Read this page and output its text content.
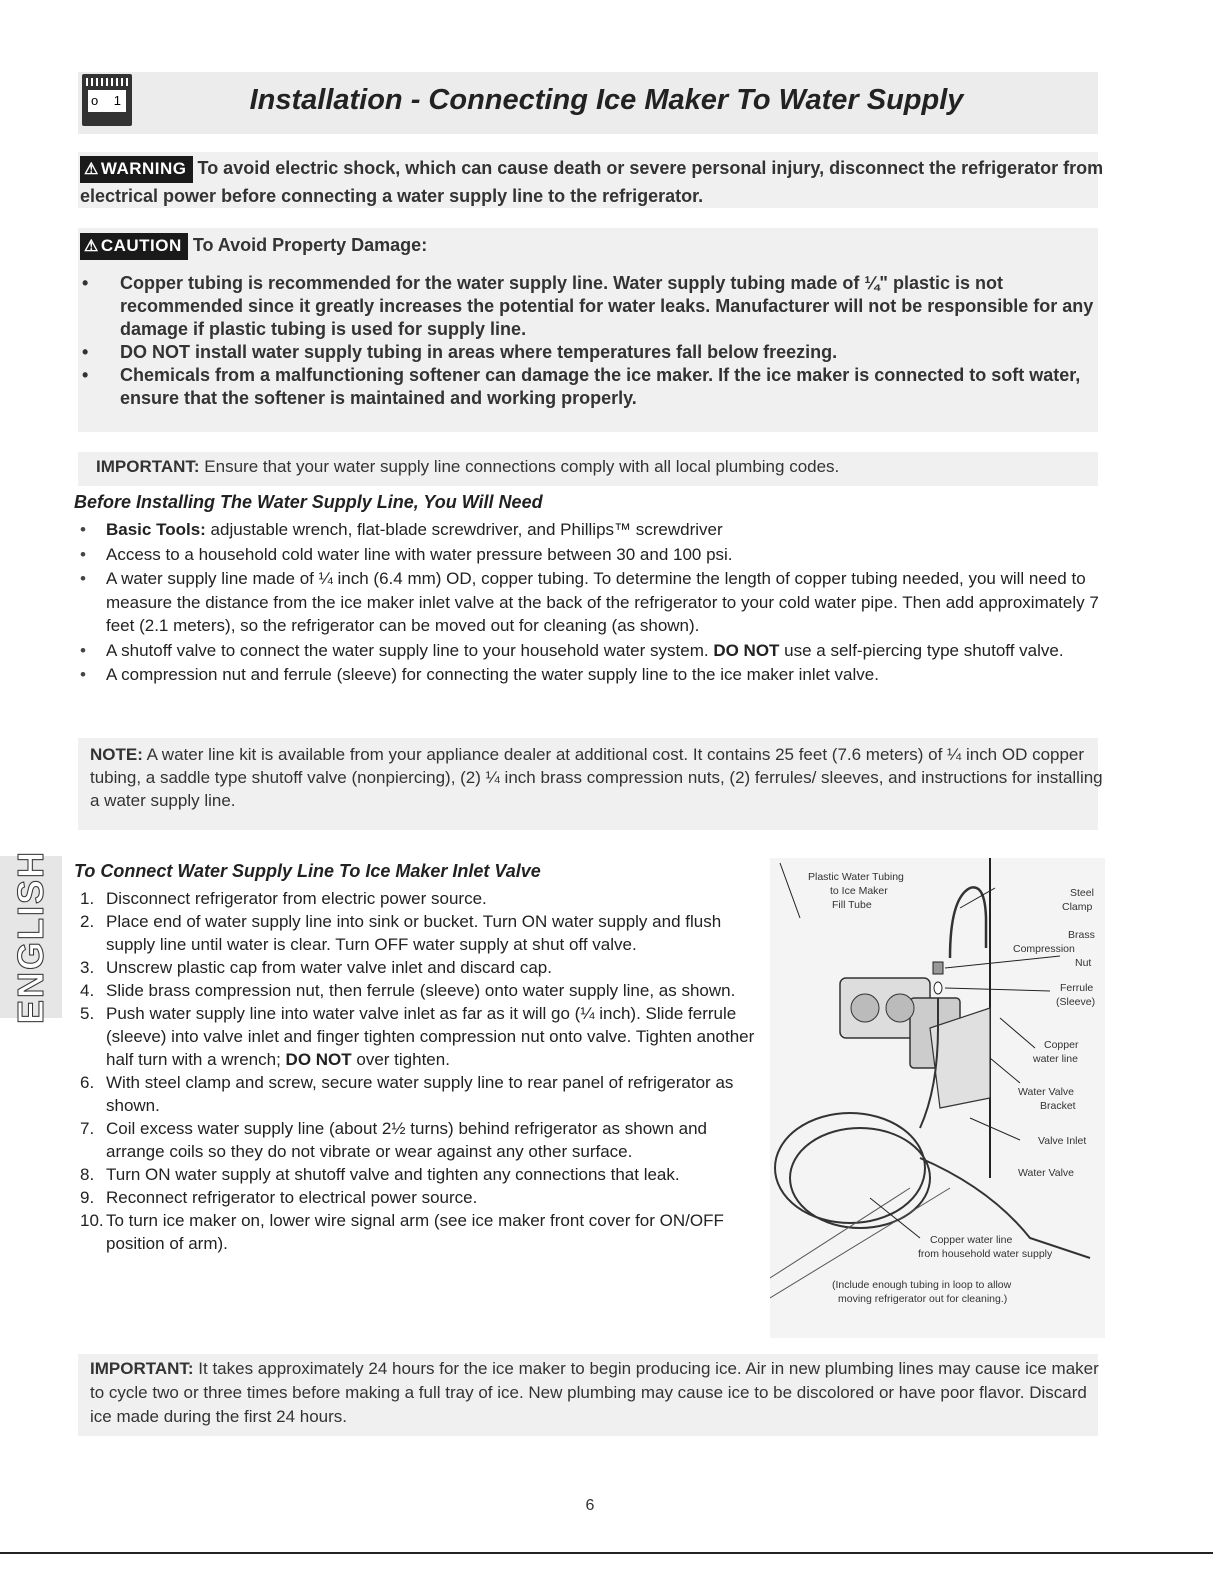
o 1	Installation - Connecting Ice Maker To Water Supply
⚠ WARNING To avoid electric shock, which can cause death or severe personal injury, disconnect the refrigerator from electrical power before connecting a water supply line to the refrigerator.
⚠ CAUTION To Avoid Property Damage:
• Copper tubing is recommended for the water supply line. Water supply tubing made of ¼" plastic is not recommended since it greatly increases the potential for water leaks. Manufacturer will not be responsible for any damage if plastic tubing is used for supply line.
• DO NOT install water supply tubing in areas where temperatures fall below freezing.
• Chemicals from a malfunctioning softener can damage the ice maker. If the ice maker is connected to soft water, ensure that the softener is maintained and working properly.
IMPORTANT: Ensure that your water supply line connections comply with all local plumbing codes.
Before Installing The Water Supply Line, You Will Need
• Basic Tools: adjustable wrench, flat-blade screwdriver, and Phillips™ screwdriver
• Access to a household cold water line with water pressure between 30 and 100 psi.
• A water supply line made of ¼ inch (6.4 mm) OD, copper tubing. To determine the length of copper tubing needed, you will need to measure the distance from the ice maker inlet valve at the back of the refrigerator to your cold water pipe. Then add approximately 7 feet (2.1 meters), so the refrigerator can be moved out for cleaning (as shown).
• A shutoff valve to connect the water supply line to your household water system. DO NOT use a self-piercing type shutoff valve.
• A compression nut and ferrule (sleeve) for connecting the water supply line to the ice maker inlet valve.
NOTE: A water line kit is available from your appliance dealer at additional cost. It contains 25 feet (7.6 meters) of ¼ inch OD copper tubing, a saddle type shutoff valve (nonpiercing), (2) ¼ inch brass compression nuts, (2) ferrules/ sleeves, and instructions for installing a water supply line.
ENGLISH To Connect Water Supply Line To Ice Maker Inlet Valve
1. Disconnect refrigerator from electric power source.
2. Place end of water supply line into sink or bucket. Turn ON water supply and flush supply line until water is clear. Turn OFF water supply at shut off valve.
3. Unscrew plastic cap from water valve inlet and discard cap.
4. Slide brass compression nut, then ferrule (sleeve) onto water supply line, as shown.
5. Push water supply line into water valve inlet as far as it will go (¼ inch). Slide ferrule (sleeve) into valve inlet and finger tighten compression nut onto valve. Tighten another half turn with a wrench; DO NOT over tighten.
6. With steel clamp and screw, secure water supply line to rear panel of refrigerator as shown.
7. Coil excess water supply line (about 2½ turns) behind refrigerator as shown and arrange coils so they do not vibrate or wear against any other surface.
8. Turn ON water supply at shutoff valve and tighten any connections that leak.
9. Reconnect refrigerator to electrical power source.
10. To turn ice maker on, lower wire signal arm (see ice maker front cover for ON/OFF position of arm).
Plastic Water Tubing
to Ice Maker
Fill Tube
Steel
Clamp
Brass
Compression
Nut
Ferrule
(Sleeve)
Copper
water line
Water Valve
Bracket
Valve Inlet
Water Valve
Copper water line
from household water supply
(Include enough tubing in loop to allow
moving refrigerator out for cleaning.)
IMPORTANT: It takes approximately 24 hours for the ice maker to begin producing ice. Air in new plumbing lines may cause ice maker to cycle two or three times before making a full tray of ice. New plumbing may cause ice to be discolored or have poor flavor. Discard ice made during the first 24 hours.
6
